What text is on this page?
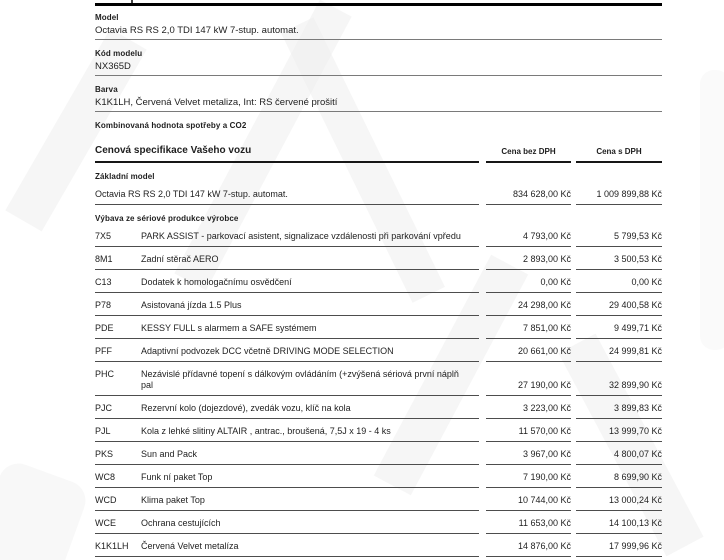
Model
Octavia RS RS 2,0 TDI 147 kW 7-stup. automat.
Kód modelu
NX365D
Barva
K1K1LH, Červená Velvet metaliza, Int: RS červené prošití
Kombinovaná hodnota spotřeby a CO2
Cenová specifikace Vašeho vozu	Cena bez DPH	Cena s DPH
Základní model
Octavia RS RS 2,0 TDI 147 kW 7-stup. automat.	834 628,00 Kč	1 009 899,88 Kč
Výbava ze sériové produkce výrobce
7X5	PARK ASSIST - parkovací asistent, signalizace vzdálenosti při parkování vpředu	4 793,00 Kč	5 799,53 Kč
8M1	Zadní stěrač AERO	2 893,00 Kč	3 500,53 Kč
C13	Dodatek k homologačnímu osvědčení	0,00 Kč	0,00 Kč
P78	Asistovaná jízda 1.5 Plus	24 298,00 Kč	29 400,58 Kč
PDE	KESSY FULL s alarmem a SAFE systémem	7 851,00 Kč	9 499,71 Kč
PFF	Adaptivní podvozek DCC včetně DRIVING MODE SELECTION	20 661,00 Kč	24 999,81 Kč
PHC	Nezávislé přídavné topení s dálkovým ovládáním (+zvýšená sériová první náplň pal	27 190,00 Kč	32 899,90 Kč
PJC	Rezervní kolo (dojezdové), zvedák vozu, klíč na kola	3 223,00 Kč	3 899,83 Kč
PJL	Kola z lehké slitiny ALTAIR , antrac., broušená, 7,5J x 19 - 4 ks	11 570,00 Kč	13 999,70 Kč
PKS	Sun and Pack	3 967,00 Kč	4 800,07 Kč
WC8	Funk ní paket Top	7 190,00 Kč	8 699,90 Kč
WCD	Klima paket Top	10 744,00 Kč	13 000,24 Kč
WCE	Ochrana cestujících	11 653,00 Kč	14 100,13 Kč
K1K1LH	Červená Velvet metalíza	14 876,00 Kč	17 999,96 Kč
